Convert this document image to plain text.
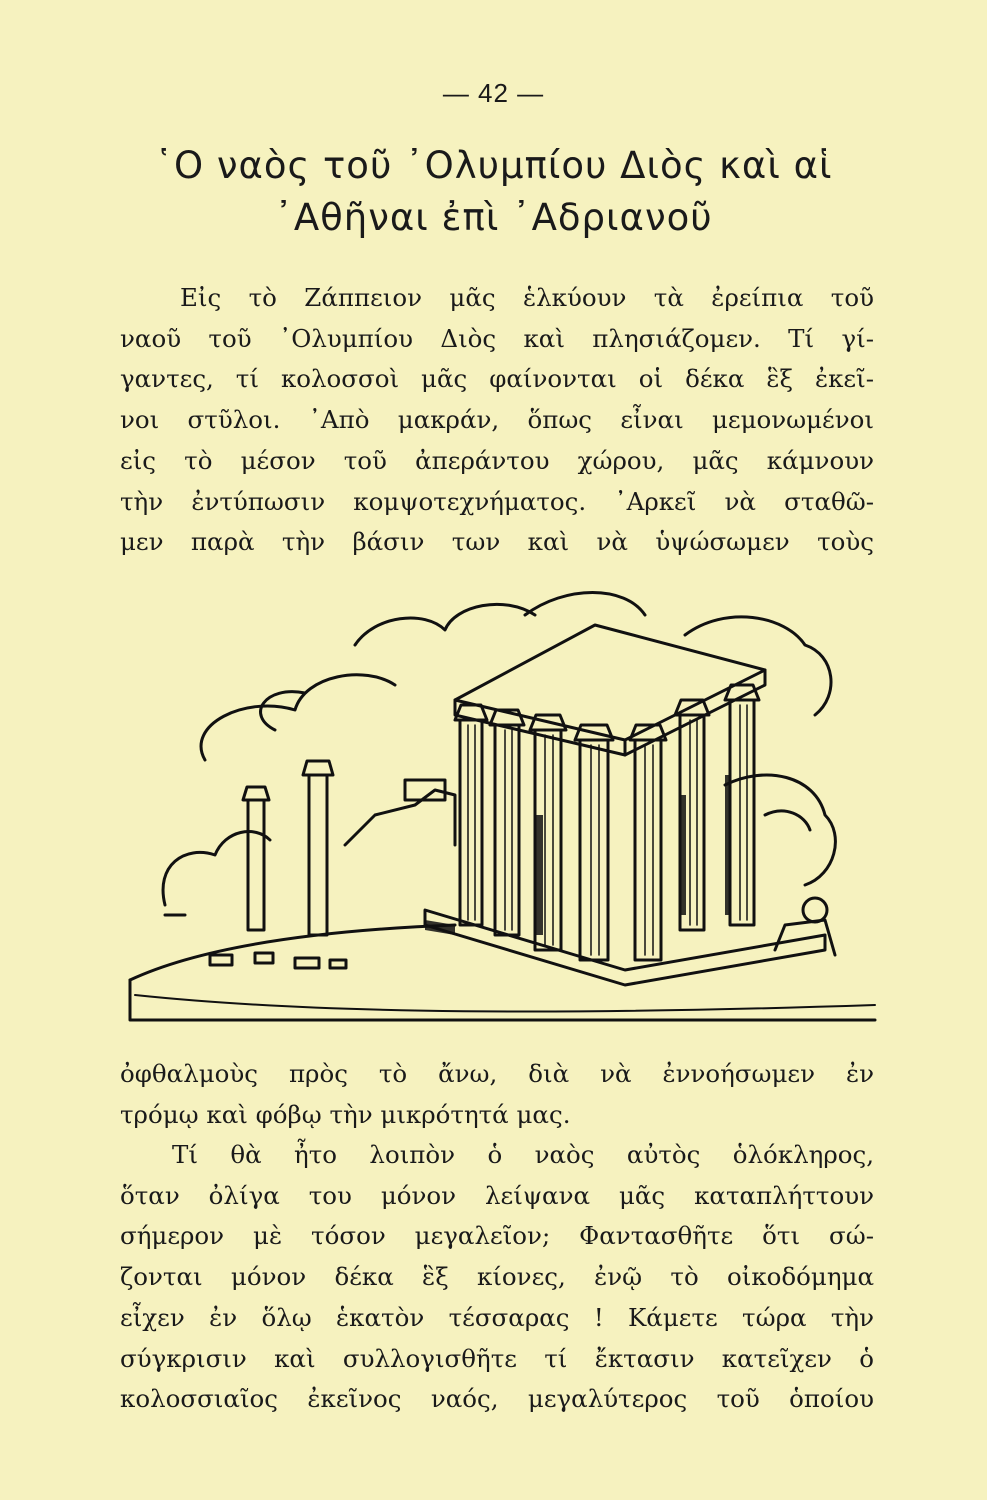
— 42 —
῾Ο ναὸς τοῦ ᾿Ολυμπίου Διὸς καὶ αἱ
᾿Αθῆναι ἐπὶ ᾿Αδριανοῦ
Εἰς τὸ Ζάππειον μᾶς ἑλκύουν τὰ ἐρείπια τοῦ
ναοῦ τοῦ ᾿Ολυμπίου Διὸς καὶ πλησιάζομεν. Τί γί-
γαντες, τί κολοσσοὶ μᾶς φαίνονται οἱ δέκα ἓξ ἐκεῖ-
νοι στῦλοι. ᾿Απὸ μακράν, ὅπως εἶναι μεμονωμένοι
εἰς τὸ μέσον τοῦ ἀπεράντου χώρου, μᾶς κάμνουν
τὴν ἐντύπωσιν κομψοτεχνήματος. ᾿Αρκεῖ νὰ σταθῶ-
μεν παρὰ τὴν βάσιν των καὶ νὰ ὑψώσωμεν τοὺς
ὀφθαλμοὺς πρὸς τὸ ἄνω, διὰ νὰ ἐννοήσωμεν ἐν
τρόμῳ καὶ φόβῳ τὴν μικρότητά μας.
Τί θὰ ἦτο λοιπὸν ὁ ναὸς αὐτὸς ὁλόκληρος,
ὅταν ὀλίγα του μόνον λείψανα μᾶς καταπλήττουν
σήμερον μὲ τόσον μεγαλεῖον; Φαντασθῆτε ὅτι σώ-
ζονται μόνον δέκα ἓξ κίονες, ἐνῷ τὸ οἰκοδόμημα
εἶχεν ἐν ὅλῳ ἑκατὸν τέσσαρας ! Κάμετε τώρα τὴν
σύγκρισιν καὶ συλλογισθῆτε τί ἔκτασιν κατεῖχεν ὁ
κολοσσιαῖος ἐκεῖνος ναός, μεγαλύτερος τοῦ ὁποίου
